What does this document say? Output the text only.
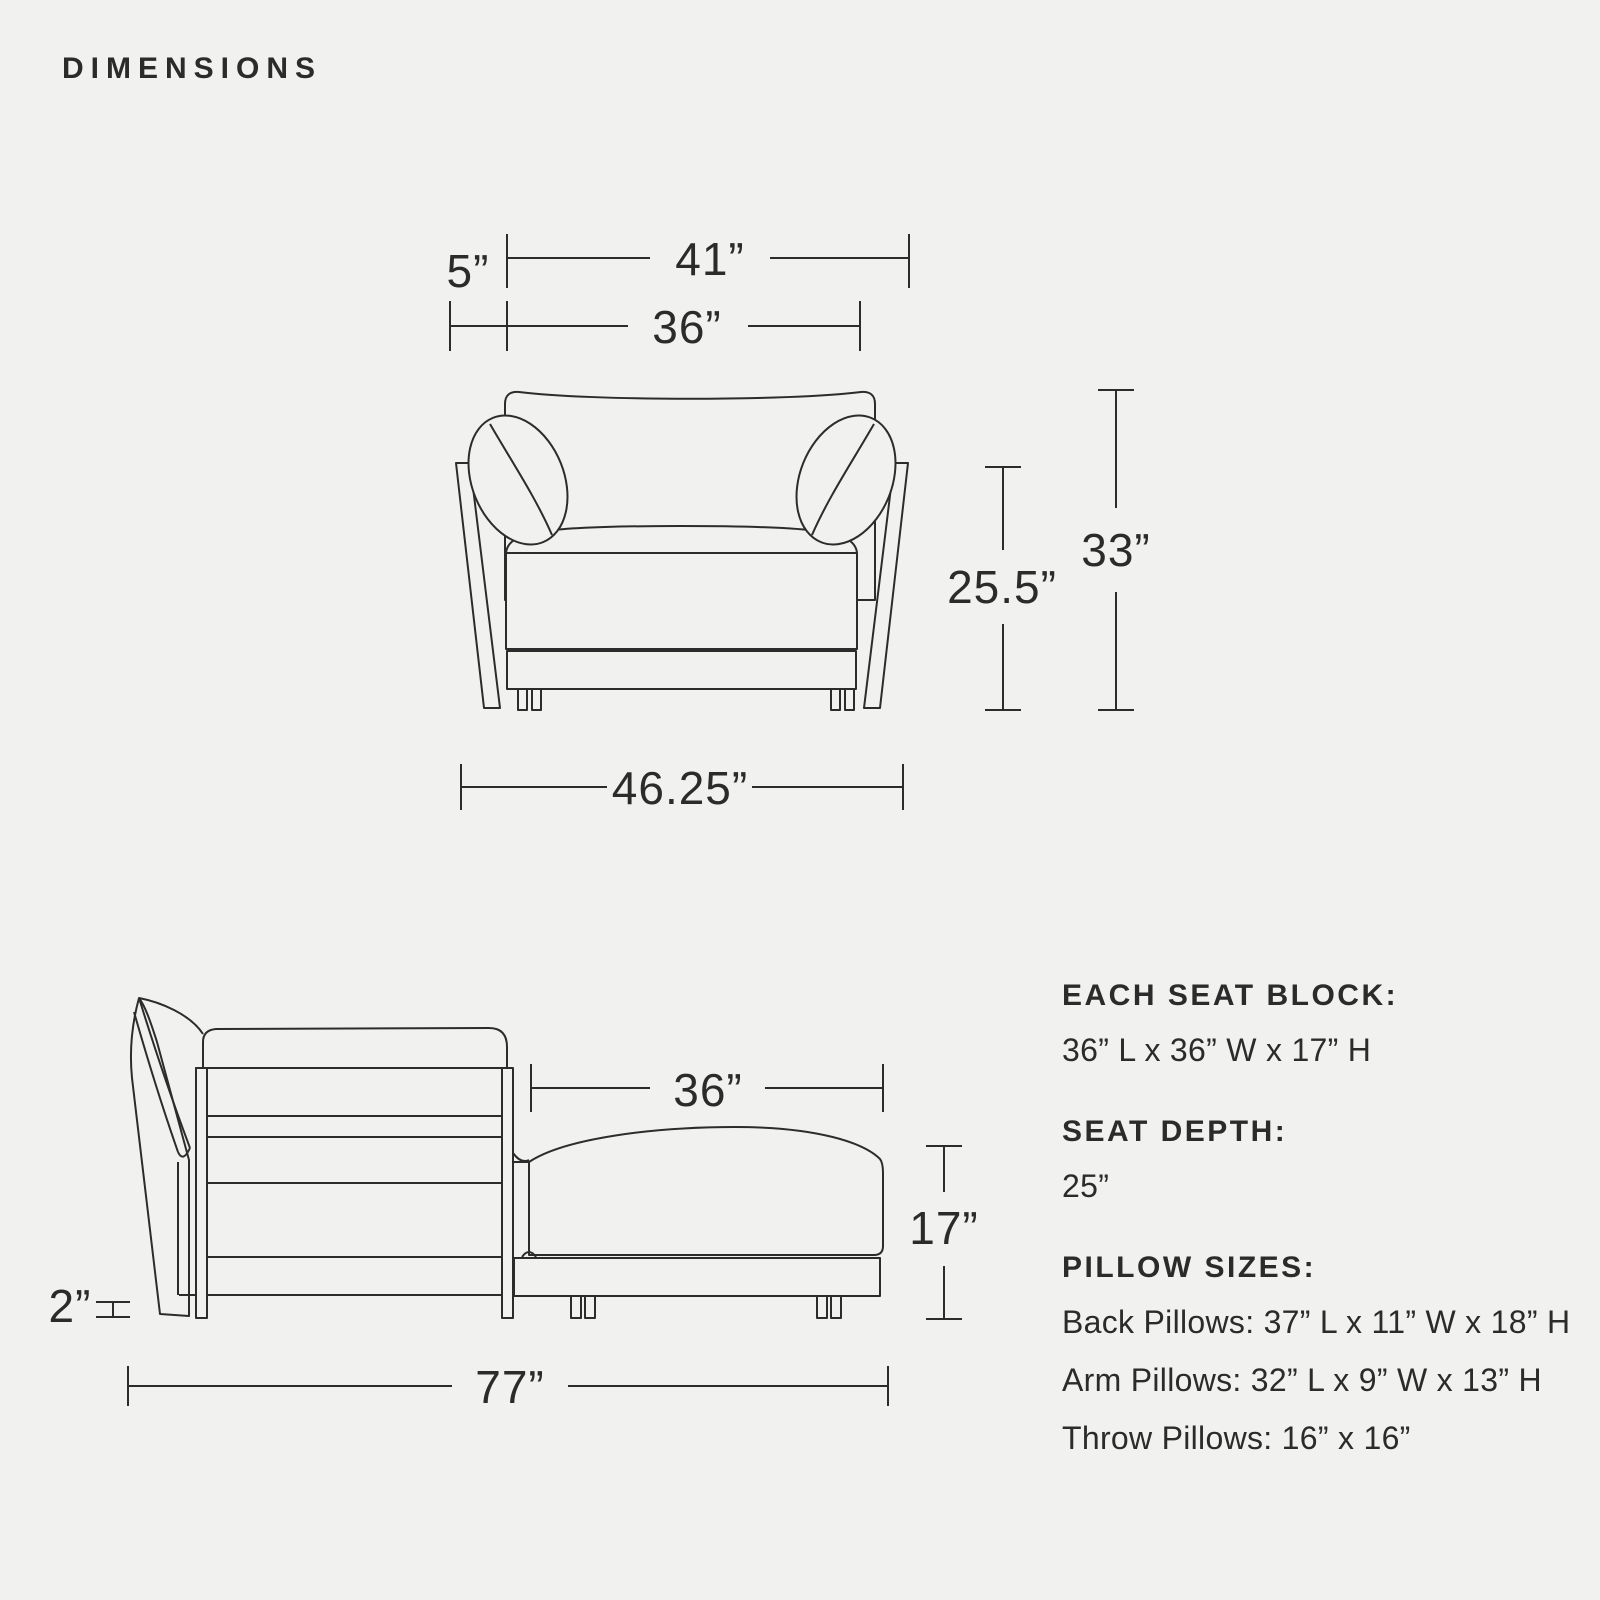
DIMENSIONS
5”	41”
36”
25.5”
33”
46.25”
36”
17”
2”
77”

EACH SEAT BLOCK:

36” L x 36” W x 17” H

SEAT DEPTH:

25”

PILLOW SIZES:

Back Pillows: 37” L x 11” W x 18” H

Arm Pillows: 32” L x 9” W x 13” H

Throw Pillows: 16” x 16”
